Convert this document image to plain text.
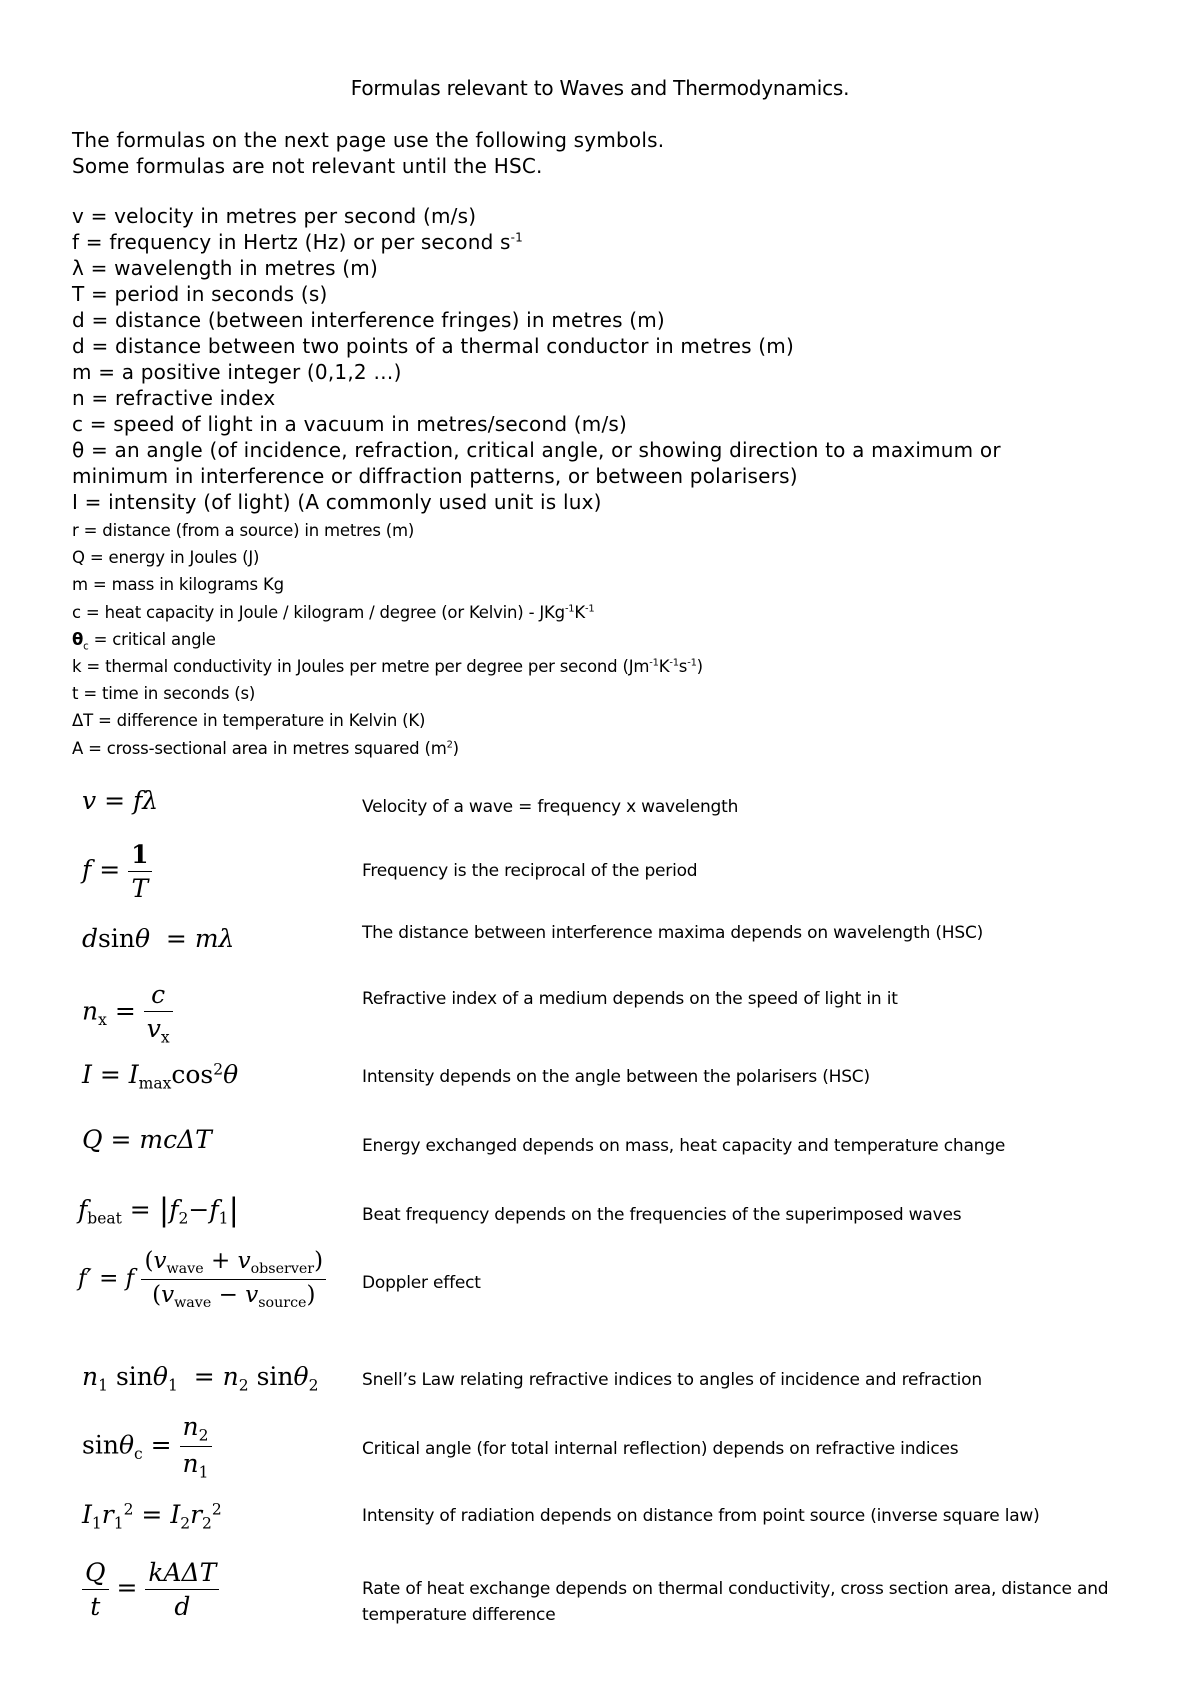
Formulas relevant to Waves and Thermodynamics.
The formulas on the next page use the following symbols.
Some formulas are not relevant until the HSC.
v = velocity in metres per second (m/s)
f = frequency in Hertz (Hz) or per second $s^{-1}$
λ = wavelength in metres (m)
T = period in seconds (s)
d = distance (between interference fringes) in metres (m)
d = distance between two points of a thermal conductor in metres (m)
m = a positive integer (0,1,2 …)
n = refractive index
c = speed of light in a vacuum in metres/second (m/s)
θ = an angle (of incidence, refraction, critical angle, or showing direction to a maximum or minimum in interference or diffraction patterns, or between polarisers)
I = intensity (of light) (A commonly used unit is lux)
r = distance (from a source) in metres (m)
Q = energy in Joules (J)
m = mass in kilograms Kg
c = heat capacity in Joule / kilogram / degree (or Kelvin) - $JKg^{-1}K^{-1}$
$\theta_c$ = critical angle
k = thermal conductivity in Joules per metre per degree per second $(Jm^{-1}K^{-1}s^{-1})$
t = time in seconds (s)
ΔT = difference in temperature in Kelvin (K)
A = cross-sectional area in metres squared $(m^2)$
v = fλ	Velocity of a wave = frequency x wavelength
$f = \frac{1}{T}$	Frequency is the reciprocal of the period
dsinθ = mλ	The distance between interference maxima depends on wavelength (HSC)
$n_x = \frac{c}{v_x}$	Refractive index of a medium depends on the speed of light in it
$I = I_{max}\cos^2\theta$	Intensity depends on the angle between the polarisers (HSC)
Q = mcΔT	Energy exchanged depends on mass, heat capacity and temperature change
$f_{beat} = |f_2-f_1|$	Beat frequency depends on the frequencies of the superimposed waves
f′ = f $\frac{(v_{wave} + v_{observer})}{(v_{wave} - v_{source})}$ Doppler effect
$n_1$ $\sin\theta_1 = n_2$ sinθ$_2$	Snell’s Law relating refractive indices to angles of incidence and refraction
$\sin\theta_c = \frac{n_2}{n_1}$	Critical angle (for total internal reflection) depends on refractive indices
$I_1r_1^2 = I_2r_2^2$	Intensity of radiation depends on distance from point source (inverse square law)
$\frac{Q}{t} = \frac{\text{kAΔT}}{d}$	Rate of heat exchange depends on thermal conductivity, cross section area, distance and temperature difference
